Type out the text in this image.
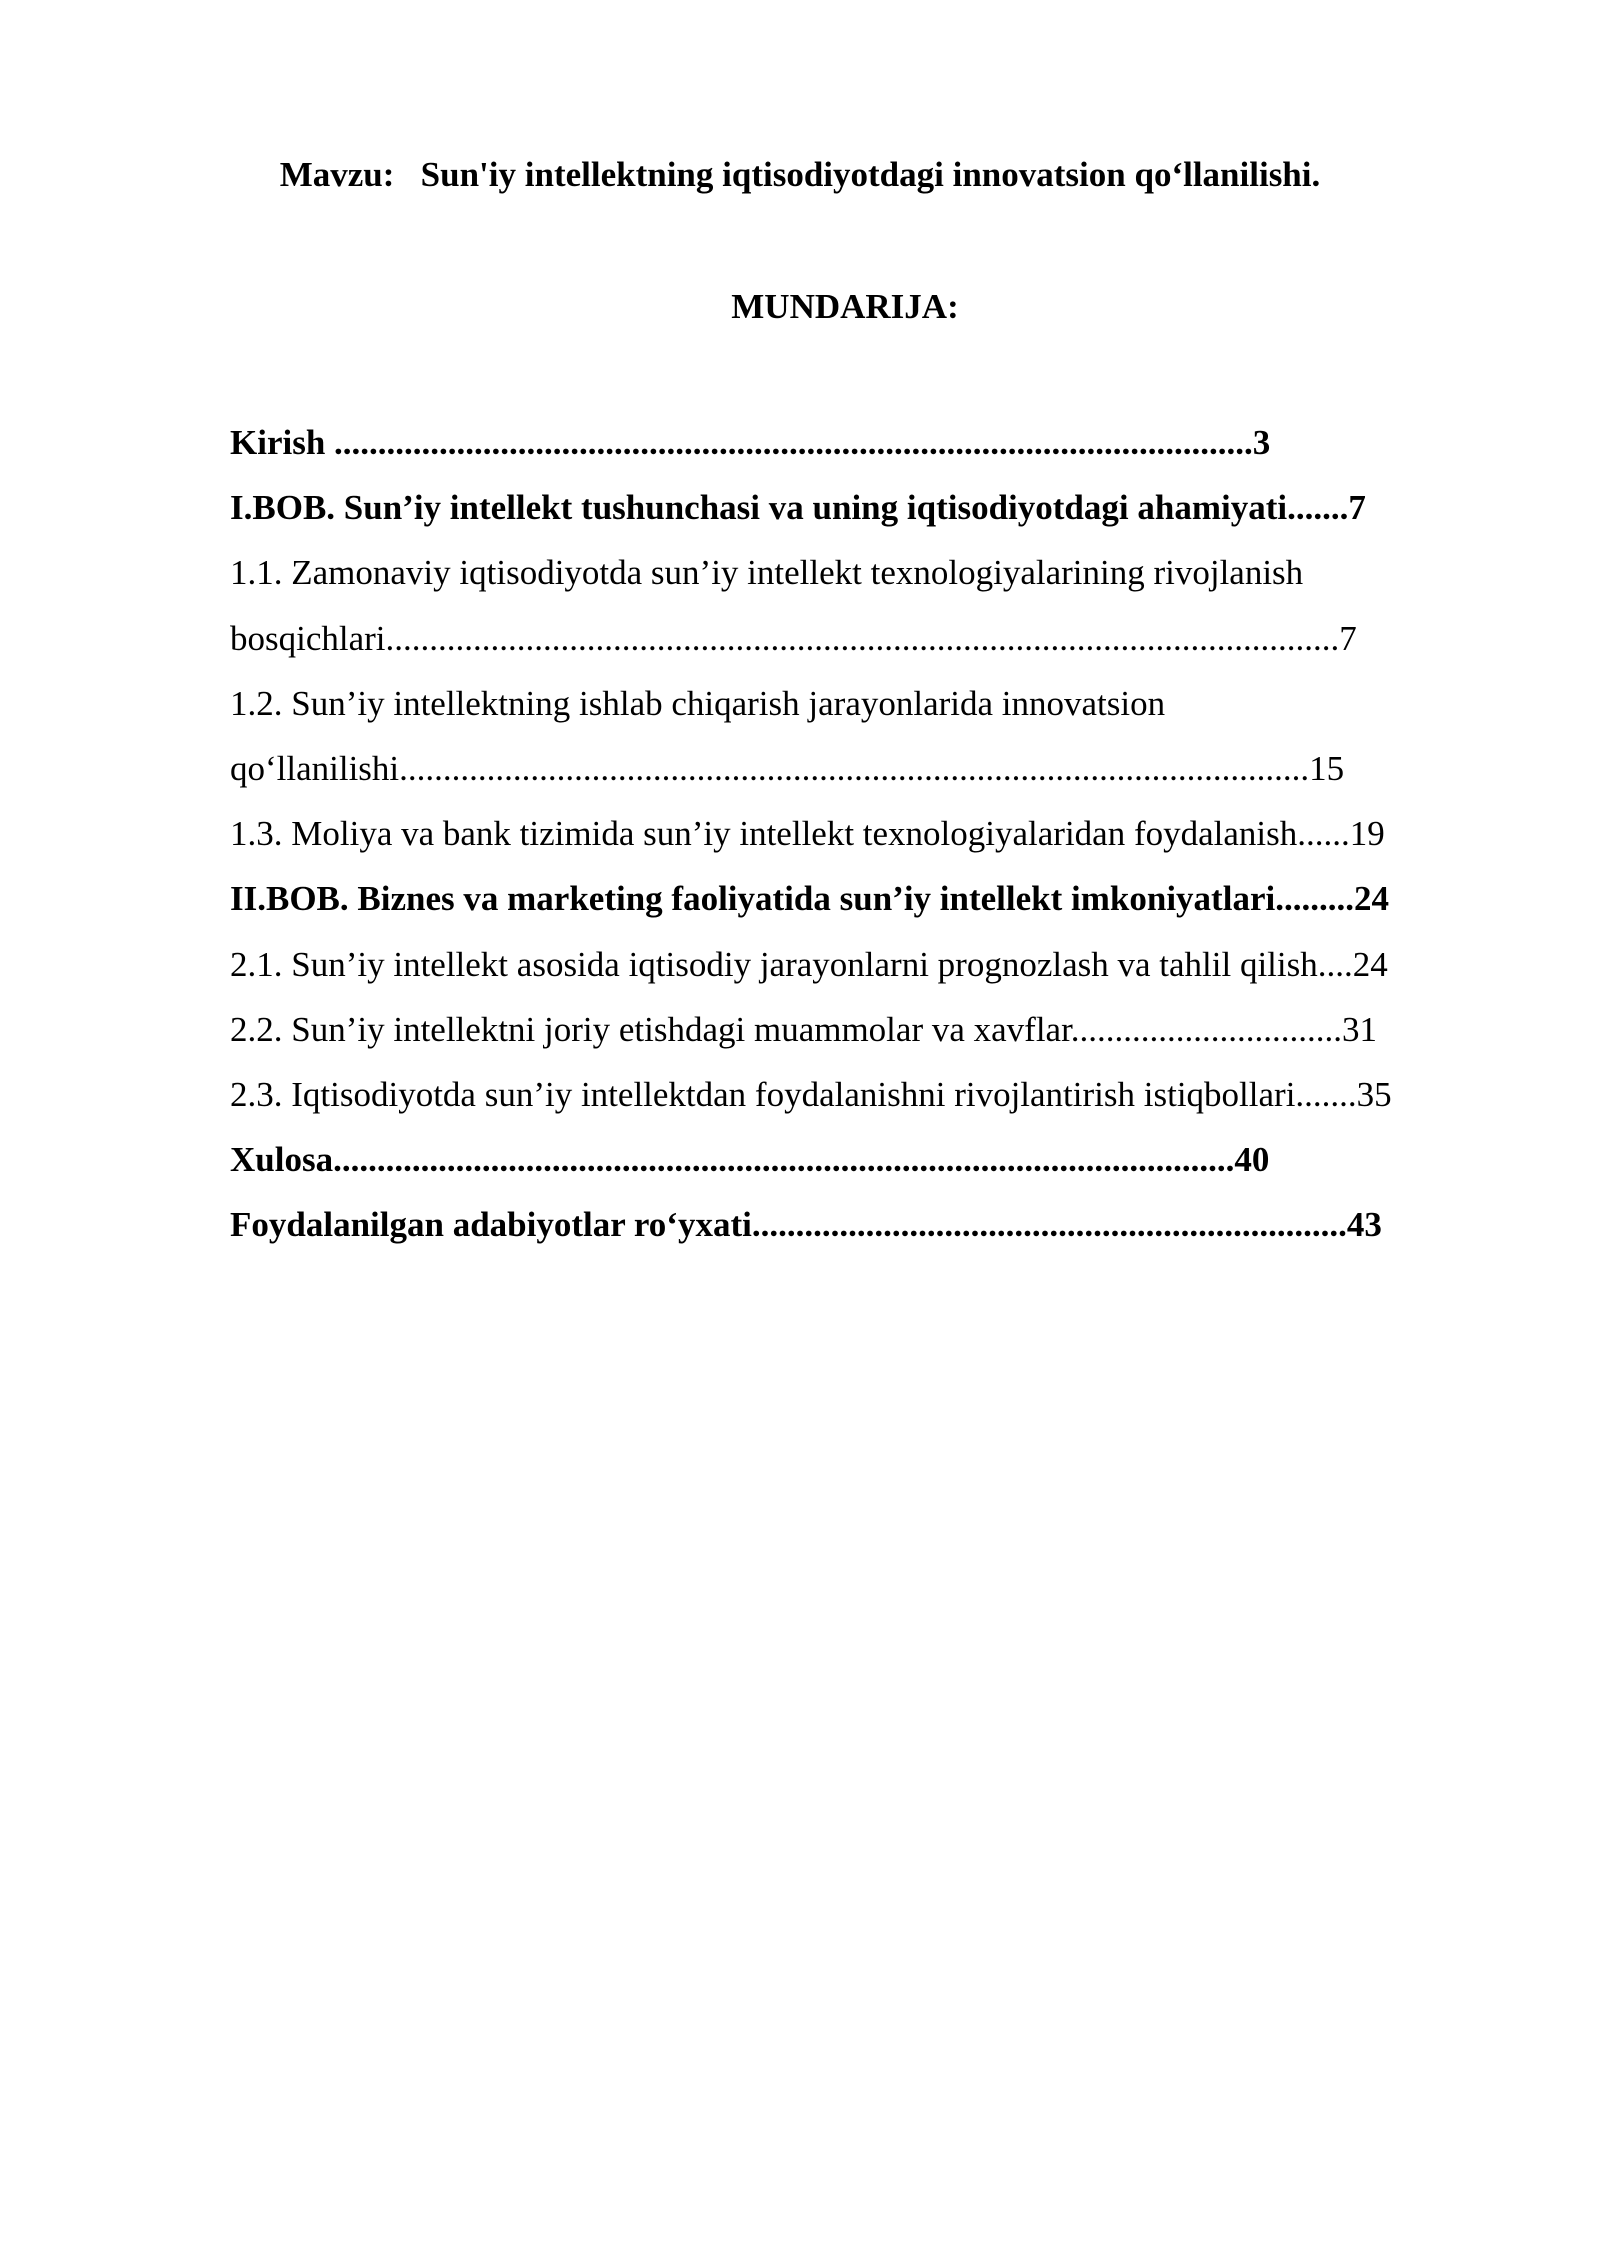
Mavzu:   Sun'iy intellektning iqtisodiyotdagi innovatsion qo‘llanilishi.
MUNDARIJA:
Kirish .........................................................................................................3
I.BOB. Sun’iy intellekt tushunchasi va uning iqtisodiyotdagi ahamiyati.......7
1.1. Zamonaviy iqtisodiyotda sun’iy intellekt texnologiyalarining rivojlanish
bosqichlari.............................................................................................................7
1.2. Sun’iy intellektning ishlab chiqarish jarayonlarida innovatsion
qo‘llanilishi........................................................................................................15
1.3. Moliya va bank tizimida sun’iy intellekt texnologiyalaridan foydalanish......19
II.BOB. Biznes va marketing faoliyatida sun’iy intellekt imkoniyatlari.........24
2.1. Sun’iy intellekt asosida iqtisodiy jarayonlarni prognozlash va tahlil qilish....24
2.2. Sun’iy intellektni joriy etishdagi muammolar va xavflar...............................31
2.3. Iqtisodiyotda sun’iy intellektdan foydalanishni rivojlantirish istiqbollari.......35
Xulosa.......................................................................................................40
Foydalanilgan adabiyotlar ro‘yxati....................................................................43
